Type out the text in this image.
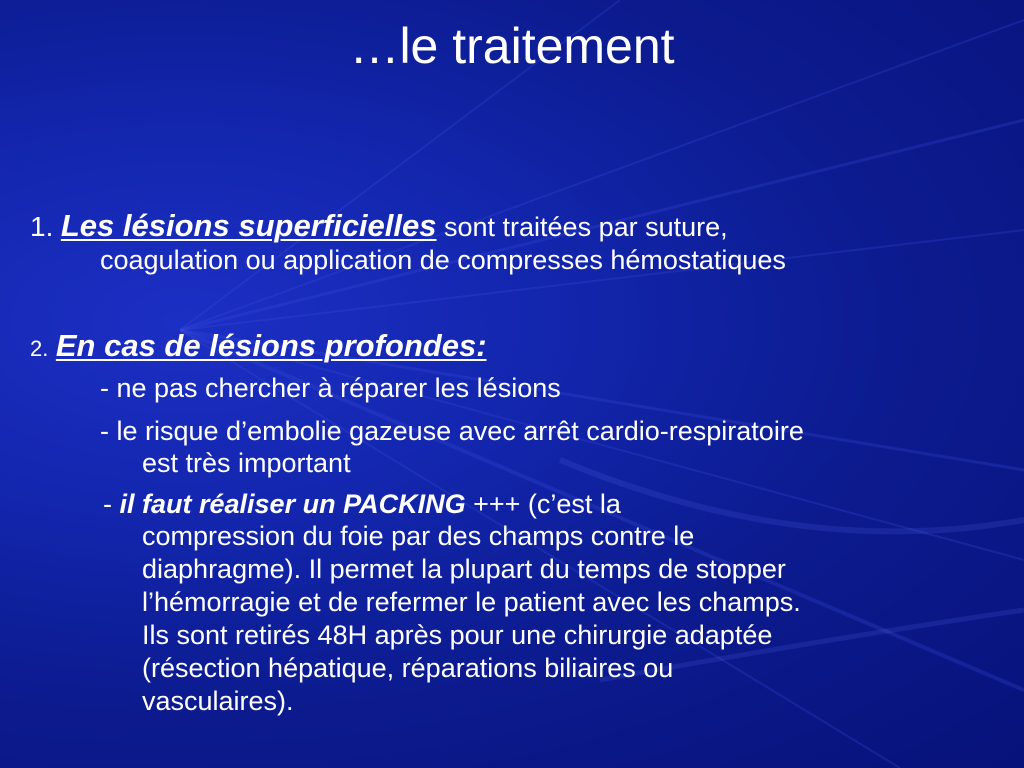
…le traitement
1. Les lésions superficielles sont traitées par suture,
coagulation ou application de compresses hémostatiques
2. En cas de lésions profondes:
- ne pas chercher à réparer les lésions
- le risque d’embolie gazeuse avec arrêt cardio-respiratoire
est très important
- il faut réaliser un PACKING +++ (c’est la
compression du foie par des champs contre le
diaphragme). Il permet la plupart du temps de stopper
l’hémorragie et de refermer le patient avec les champs.
Ils sont retirés 48H après pour une chirurgie adaptée
(résection hépatique, réparations biliaires ou
vasculaires).
